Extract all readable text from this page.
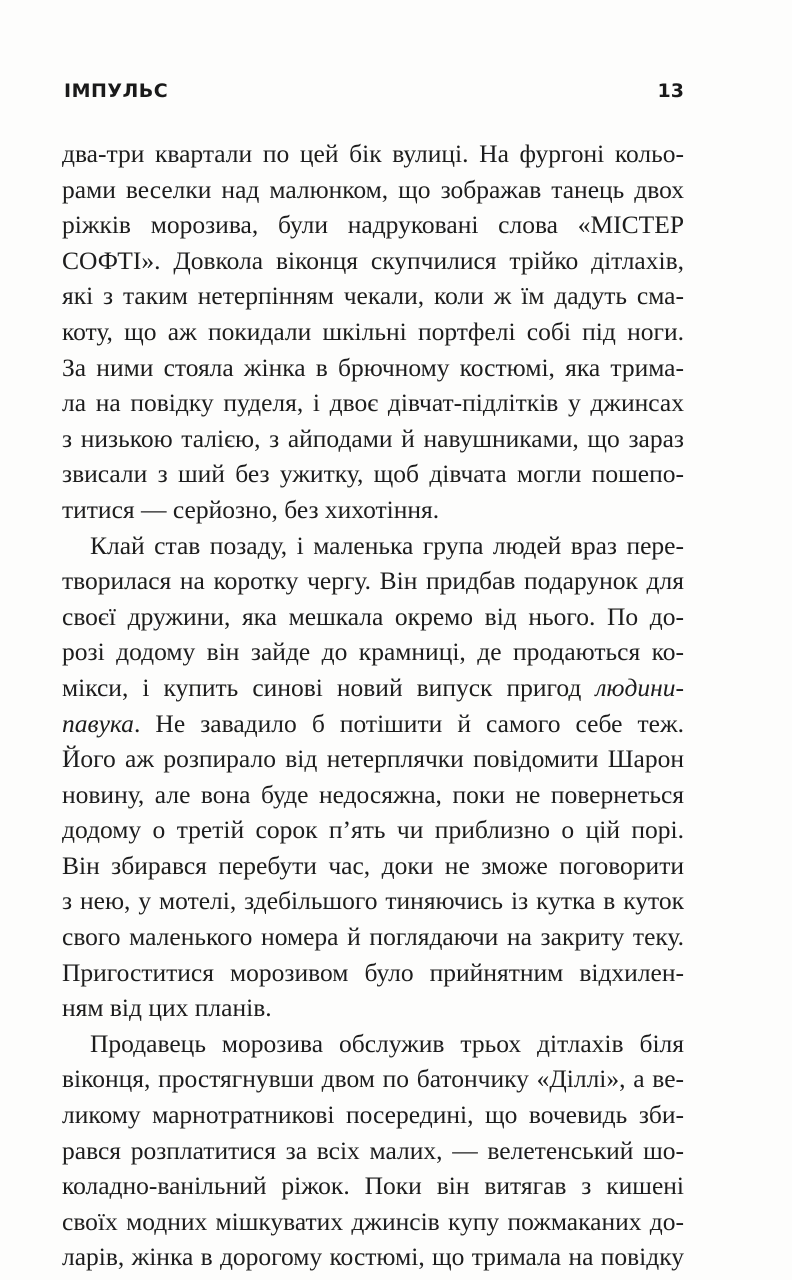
ІМПУЛЬС	13
два-три квартали по цей бік вулиці. На фургоні кольо-
рами веселки над малюнком, що зображав танець двох
ріжків морозива, були надруковані слова «МІСТЕР
СОФТІ». Довкола віконця скупчилися трійко дітлахів,
які з таким нетерпінням чекали, коли ж їм дадуть сма-
коту, що аж покидали шкільні портфелі собі під ноги.
За ними стояла жінка в брючному костюмі, яка трима-
ла на повідку пуделя, і двоє дівчат-підлітків у джинсах
з низькою талією, з айподами й навушниками, що зараз
звисали з ший без ужитку, щоб дівчата могли пошепо-
титися — серйозно, без хихотіння.
Клай став позаду, і маленька група людей враз пере-
творилася на коротку чергу. Він придбав подарунок для
своєї дружини, яка мешкала окремо від нього. По до-
розі додому він зайде до крамниці, де продаються ко-
мікси, і купить синові новий випуск пригод людини-
павука. Не завадило б потішити й самого себе теж.
Його аж розпирало від нетерплячки повідомити Шарон
новину, але вона буде недосяжна, поки не повернеться
додому о третій сорок п’ять чи приблизно о цій порі.
Він збирався перебути час, доки не зможе поговорити
з нею, у мотелі, здебільшого тиняючись із кутка в куток
свого маленького номера й поглядаючи на закриту теку.
Пригоститися морозивом було прийнятним відхилен-
ням від цих планів.
Продавець морозива обслужив трьох дітлахів біля
віконця, простягнувши двом по батончику «Діллі», а ве-
ликому марнотратникові посередині, що вочевидь зби-
рався розплатитися за всіх малих, — велетенський шо-
коладно-ванільний ріжок. Поки він витягав з кишені
своїх модних мішкуватих джинсів купу пожмаканих до-
ларів, жінка в дорогому костюмі, що тримала на повідку
